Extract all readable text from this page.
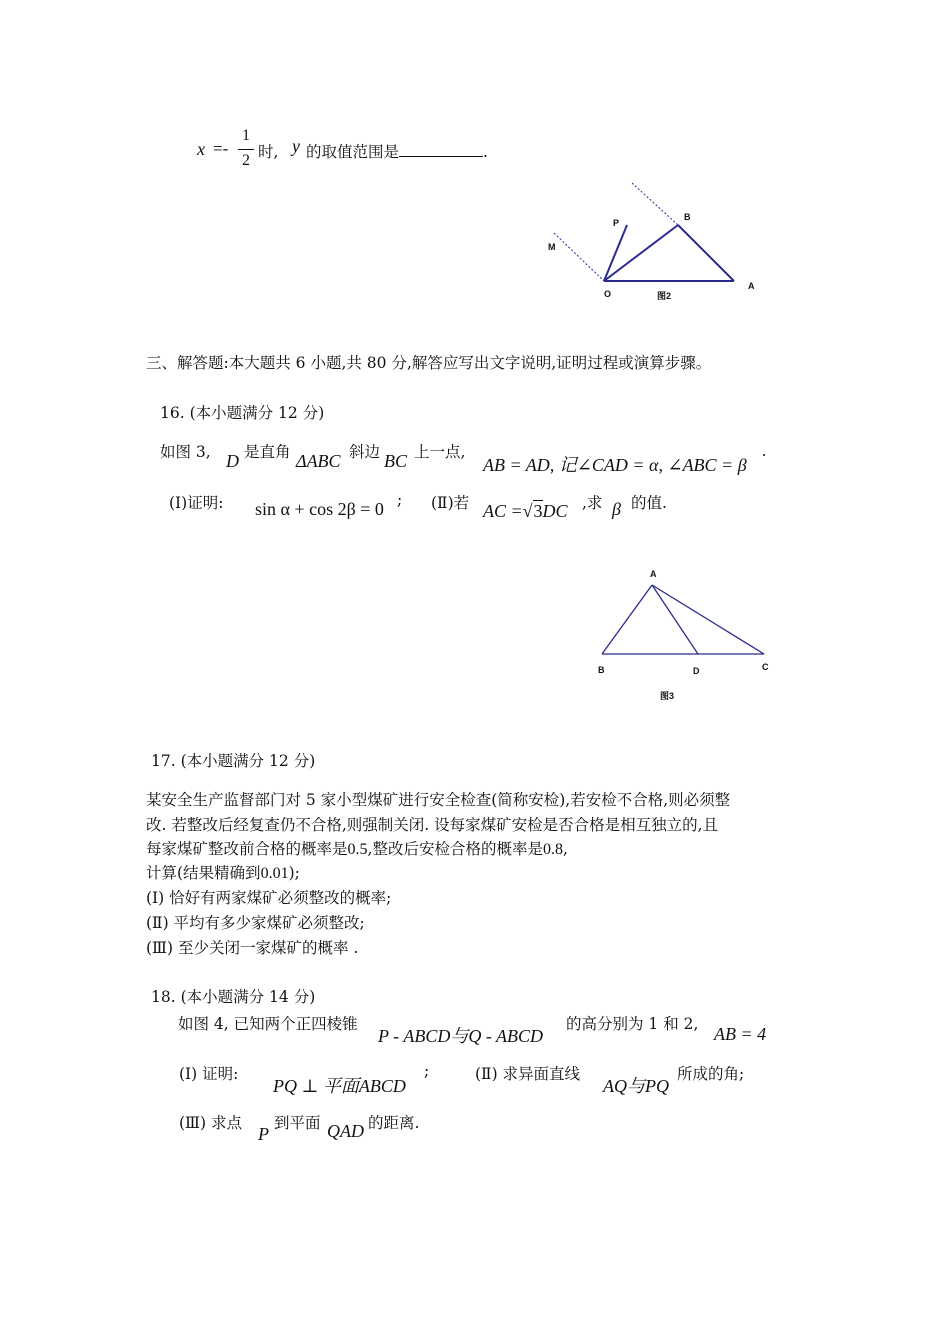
x =-
1
2 时, y 的取值范围是	.
P
B
M
O
A
图2
三、解答题:本大题共 6 小题,共 80 分,解答应写出文字说明,证明过程或演算步骤。
16. (本小题满分 12 分)
如图 3, D 是直角 ΔABC 斜边 BC 上一点,
AB = AD, 记∠CAD = α, ∠ABC = β
.
(Ⅰ)证明: sin α + cos 2β = 0 ; (Ⅱ)若 AC =√3DC ,求 β 的值.
A
B	D	C
图3
17. (本小题满分 12 分)
某安全生产监督部门对 5 家小型煤矿进行安全检查(简称安检),若安检不合格,则必须整
改. 若整改后经复查仍不合格,则强制关闭. 设每家煤矿安检是否合格是相互独立的,且
每家煤矿整改前合格的概率是0.5,整改后安检合格的概率是0.8,
计算(结果精确到0.01);
(Ⅰ) 恰好有两家煤矿必须整改的概率;
(Ⅱ) 平均有多少家煤矿必须整改;
(Ⅲ) 至少关闭一家煤矿的概率 .
18. (本小题满分 14 分)
如图 4, 已知两个正四棱锥
P - ABCD与Q - ABCD
的高分别为 1 和 2, AB = 4
(Ⅰ) 证明:
PQ ⊥ 平面ABCD
;	(Ⅱ) 求异面直线
AQ与PQ
所成的角;
(Ⅲ) 求点
P
到平面 QAD 的距离.
